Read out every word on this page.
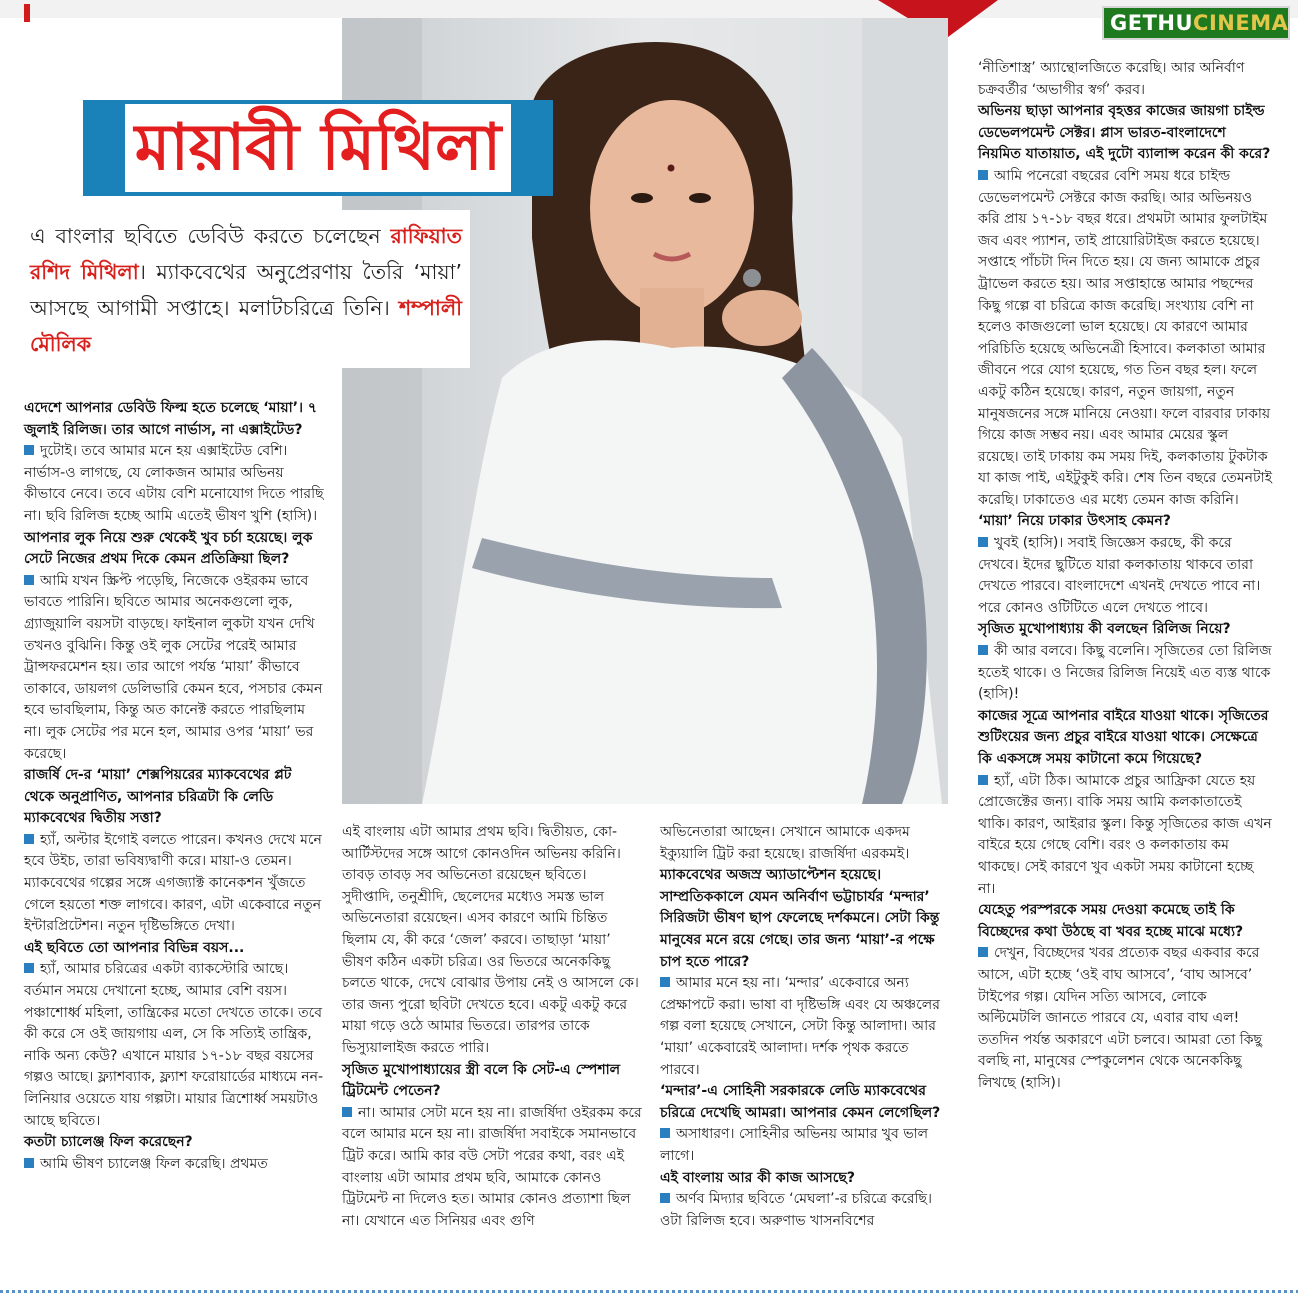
GETHU CINEMA
মায়াবী মিথিলা
এ বাংলার ছবিতে ডেবিউ করতে চলেছেন রাফিয়াত রশিদ মিথিলা। ম্যাকবেথের অনুপ্রেরণায় তৈরি ‘মায়া’ আসছে আগামী সপ্তাহে। মলাটচরিত্রে তিনি। শম্পালী মৌলিক

এদেশে আপনার ডেবিউ ফিল্ম হতে চলেছে ‘মায়া’। ৭ জুলাই রিলিজ। তার আগে নার্ভাস, না এক্সাইটেড?

দুটোই। তবে আমার মনে হয় এক্সাইটেড বেশি। নার্ভাস-ও লাগছে, যে লোকজন আমার অভিনয় কীভাবে নেবে। তবে এটায় বেশি মনোযোগ দিতে পারছি না। ছবি রিলিজ হচ্ছে আমি এতেই ভীষণ খুশি (হাসি)।

আপনার লুক নিয়ে শুরু থেকেই খুব চর্চা হয়েছে। লুক সেটে নিজের প্রথম দিকে কেমন প্রতিক্রিয়া ছিল?

আমি যখন স্ক্রিপ্ট পড়েছি, নিজেকে ওইরকম ভাবে ভাবতে পারিনি। ছবিতে আমার অনেকগুলো লুক, গ্র্যাজুয়ালি বয়সটা বাড়ছে। ফাইনাল লুকটা যখন দেখি তখনও বুঝিনি। কিন্তু ওই লুক সেটের পরেই আমার ট্রান্সফরমেশন হয়। তার আগে পর্যন্ত ‘মায়া’ কীভাবে তাকাবে, ডায়লগ ডেলিভারি কেমন হবে, পসচার কেমন হবে ভাবছিলাম, কিন্তু অত কানেক্ট করতে পারছিলাম না। লুক সেটের পর মনে হল, আমার ওপর ‘মায়া’ ভর করেছে।

রাজর্ষি দে-র ‘মায়া’ শেক্সপিয়রের ম্যাকবেথের প্লট থেকে অনুপ্রাণিত, আপনার চরিত্রটা কি লেডি ম্যাকবেথের দ্বিতীয় সত্তা?

হ্যাঁ, অল্টার ইগোই বলতে পারেন। কখনও দেখে মনে হবে উইচ, তারা ভবিষ্যদ্বাণী করে। মায়া-ও তেমন। ম্যাকবেথের গল্পের সঙ্গে এগজ্যাক্ট কানেকশন খুঁজতে গেলে হয়তো শক্ত লাগবে। কারণ, এটা একেবারে নতুন ইন্টারপ্রিটেশন। নতুন দৃষ্টিভঙ্গিতে দেখা।

এই ছবিতে তো আপনার বিভিন্ন বয়স...

হ্যাঁ, আমার চরিত্রের একটা ব্যাকস্টোরি আছে। বর্তমান সময়ে দেখানো হচ্ছে, আমার বেশি বয়স। পঞ্চাশোর্ধ্ব মহিলা, তান্ত্রিকের মতো দেখতে তাকে। তবে কী করে সে ওই জায়গায় এল, সে কি সত্যিই তান্ত্রিক, নাকি অন্য কেউ? এখানে মায়ার ১৭-১৮ বছর বয়সের গল্পও আছে। ফ্ল্যাশব্যাক, ফ্ল্যাশ ফরোয়ার্ডের মাধ্যমে নন-লিনিয়ার ওয়েতে যায় গল্পটা। মায়ার ত্রিশোর্ধ্ব সময়টাও আছে ছবিতে।

কতটা চ্যালেঞ্জ ফিল করেছেন?

আমি ভীষণ চ্যালেঞ্জ ফিল করেছি। প্রথমত

এই বাংলায় এটা আমার প্রথম ছবি। দ্বিতীয়ত, কো-আর্টিস্টদের সঙ্গে আগে কোনওদিন অভিনয় করিনি। তাবড় তাবড় সব অভিনেতা রয়েছেন ছবিতে। সুদীপ্তাদি, তনুশ্রীদি, ছেলেদের মধ্যেও সমস্ত ভাল অভিনেতারা রয়েছেন। এসব কারণে আমি চিন্তিত ছিলাম যে, কী করে ‘জেল’ করবে। তাছাড়া ‘মায়া’ ভীষণ কঠিন একটা চরিত্র। ওর ভিতরে অনেককিছু চলতে থাকে, দেখে বোঝার উপায় নেই ও আসলে কে। তার জন্য পুরো ছবিটা দেখতে হবে। একটু একটু করে মায়া গড়ে ওঠে আমার ভিতরে। তারপর তাকে ভিস্যুয়ালাইজ করতে পারি।

সৃজিত মুখোপাধ্যায়ের স্ত্রী বলে কি সেট-এ স্পেশাল ট্রিটমেন্ট পেতেন?

না। আমার সেটা মনে হয় না। রাজর্ষিদা ওইরকম করে বলে আমার মনে হয় না। রাজর্ষিদা সবাইকে সমানভাবে ট্রিট করে। আমি কার বউ সেটা পরের কথা, বরং এই বাংলায় এটা আমার প্রথম ছবি, আমাকে কোনও ট্রিটমেন্ট না দিলেও হত। আমার কোনও প্রত্যাশা ছিল না। যেখানে এত সিনিয়র এবং গুণি

অভিনেতারা আছেন। সেখানে আমাকে একদম ইক্যুয়ালি ট্রিট করা হয়েছে। রাজর্ষিদা এরকমই।

ম্যাকবেথের অজস্র অ্যাডাপ্টেশন হয়েছে। সাম্প্রতিককালে যেমন অনির্বাণ ভট্টাচার্যর ‘মন্দার’ সিরিজটা ভীষণ ছাপ ফেলেছে দর্শকমনে। সেটা কিন্তু মানুষের মনে রয়ে গেছে। তার জন্য ‘মায়া’-র পক্ষে চাপ হতে পারে?

আমার মনে হয় না। ‘মন্দার’ একেবারে অন্য প্রেক্ষাপটে করা। ভাষা বা দৃষ্টিভঙ্গি এবং যে অঞ্চলের গল্প বলা হয়েছে সেখানে, সেটা কিন্তু আলাদা। আর ‘মায়া’ একেবারেই আলাদা। দর্শক পৃথক করতে পারবে।

‘মন্দার’-এ সোহিনী সরকারকে লেডি ম্যাকবেথের চরিত্রে দেখেছি আমরা। আপনার কেমন লেগেছিল?

অসাধারণ। সোহিনীর অভিনয় আমার খুব ভাল লাগে।

এই বাংলায় আর কী কাজ আসছে?

অর্ণব মিদ্যার ছবিতে ‘মেঘলা’-র চরিত্রে করেছি। ওটা রিলিজ হবে। অরুণাভ খাসনবিশের

‘নীতিশাস্ত্র’ অ্যান্থোলজিতে করেছি। আর অনির্বাণ চক্রবর্তীর ‘অভাগীর স্বর্গ’ করব।

অভিনয় ছাড়া আপনার বৃহত্তর কাজের জায়গা চাইল্ড ডেভেলপমেন্ট সেক্টর। প্লাস ভারত-বাংলাদেশে নিয়মিত যাতায়াত, এই দুটো ব্যালান্স করেন কী করে?

আমি পনেরো বছরের বেশি সময় ধরে চাইল্ড ডেভেলপমেন্ট সেক্টরে কাজ করছি। আর অভিনয়ও করি প্রায় ১৭-১৮ বছর ধরে। প্রথমটা আমার ফুলটাইম জব এবং প্যাশন, তাই প্রায়োরিটাইজ করতে হয়েছে। সপ্তাহে পাঁচটা দিন দিতে হয়। যে জন্য আমাকে প্রচুর ট্রাভেল করতে হয়। আর সপ্তাহান্তে আমার পছন্দের কিছু গল্পে বা চরিত্রে কাজ করেছি। সংখ্যায় বেশি না হলেও কাজগুলো ভাল হয়েছে। যে কারণে আমার পরিচিতি হয়েছে অভিনেত্রী হিসাবে। কলকাতা আমার জীবনে পরে যোগ হয়েছে, গত তিন বছর হল। ফলে একটু কঠিন হয়েছে। কারণ, নতুন জায়গা, নতুন মানুষজনের সঙ্গে মানিয়ে নেওয়া। ফলে বারবার ঢাকায় গিয়ে কাজ সম্ভব নয়। এবং আমার মেয়ের স্কুল রয়েছে। তাই ঢাকায় কম সময় দিই, কলকাতায় টুকটাক যা কাজ পাই, এইটুকুই করি। শেষ তিন বছরে তেমনটাই করেছি। ঢাকাতেও এর মধ্যে তেমন কাজ করিনি।

‘মায়া’ নিয়ে ঢাকার উৎসাহ কেমন?

খুবই (হাসি)। সবাই জিজ্ঞেস করছে, কী করে দেখবে। ইদের ছুটিতে যারা কলকাতায় থাকবে তারা দেখতে পারবে। বাংলাদেশে এখনই দেখতে পাবে না। পরে কোনও ওটিটিতে এলে দেখতে পাবে।

সৃজিত মুখোপাধ্যায় কী বলছেন রিলিজ নিয়ে?

কী আর বলবে। কিছু বলেনি। সৃজিতের তো রিলিজ হতেই থাকে। ও নিজের রিলিজ নিয়েই এত ব্যস্ত থাকে (হাসি)!

কাজের সূত্রে আপনার বাইরে যাওয়া থাকে। সৃজিতের শুটিংয়ের জন্য প্রচুর বাইরে যাওয়া থাকে। সেক্ষেত্রে কি একসঙ্গে সময় কাটানো কমে গিয়েছে?

হ্যাঁ, এটা ঠিক। আমাকে প্রচুর আফ্রিকা যেতে হয় প্রোজেক্টের জন্য। বাকি সময় আমি কলকাতাতেই থাকি। কারণ, আইরার স্কুল। কিন্তু সৃজিতের কাজ এখন বাইরে হয়ে গেছে বেশি। বরং ও কলকাতায় কম থাকছে। সেই কারণে খুব একটা সময় কাটানো হচ্ছে না।

যেহেতু পরস্পরকে সময় দেওয়া কমেছে তাই কি বিচ্ছেদের কথা উঠছে বা খবর হচ্ছে মাঝে মধ্যে?

দেখুন, বিচ্ছেদের খবর প্রত্যেক বছর একবার করে আসে, এটা হচ্ছে ‘ওই বাঘ আসবে’, ‘বাঘ আসবে’ টাইপের গল্প। যেদিন সত্যি আসবে, লোকে অল্টিমেটলি জানতে পারবে যে, এবার বাঘ এল! ততদিন পর্যন্ত অকারণে এটা চলবে। আমরা তো কিছু বলছি না, মানুষের স্পেকুলেশন থেকে অনেককিছু লিখছে (হাসি)।
